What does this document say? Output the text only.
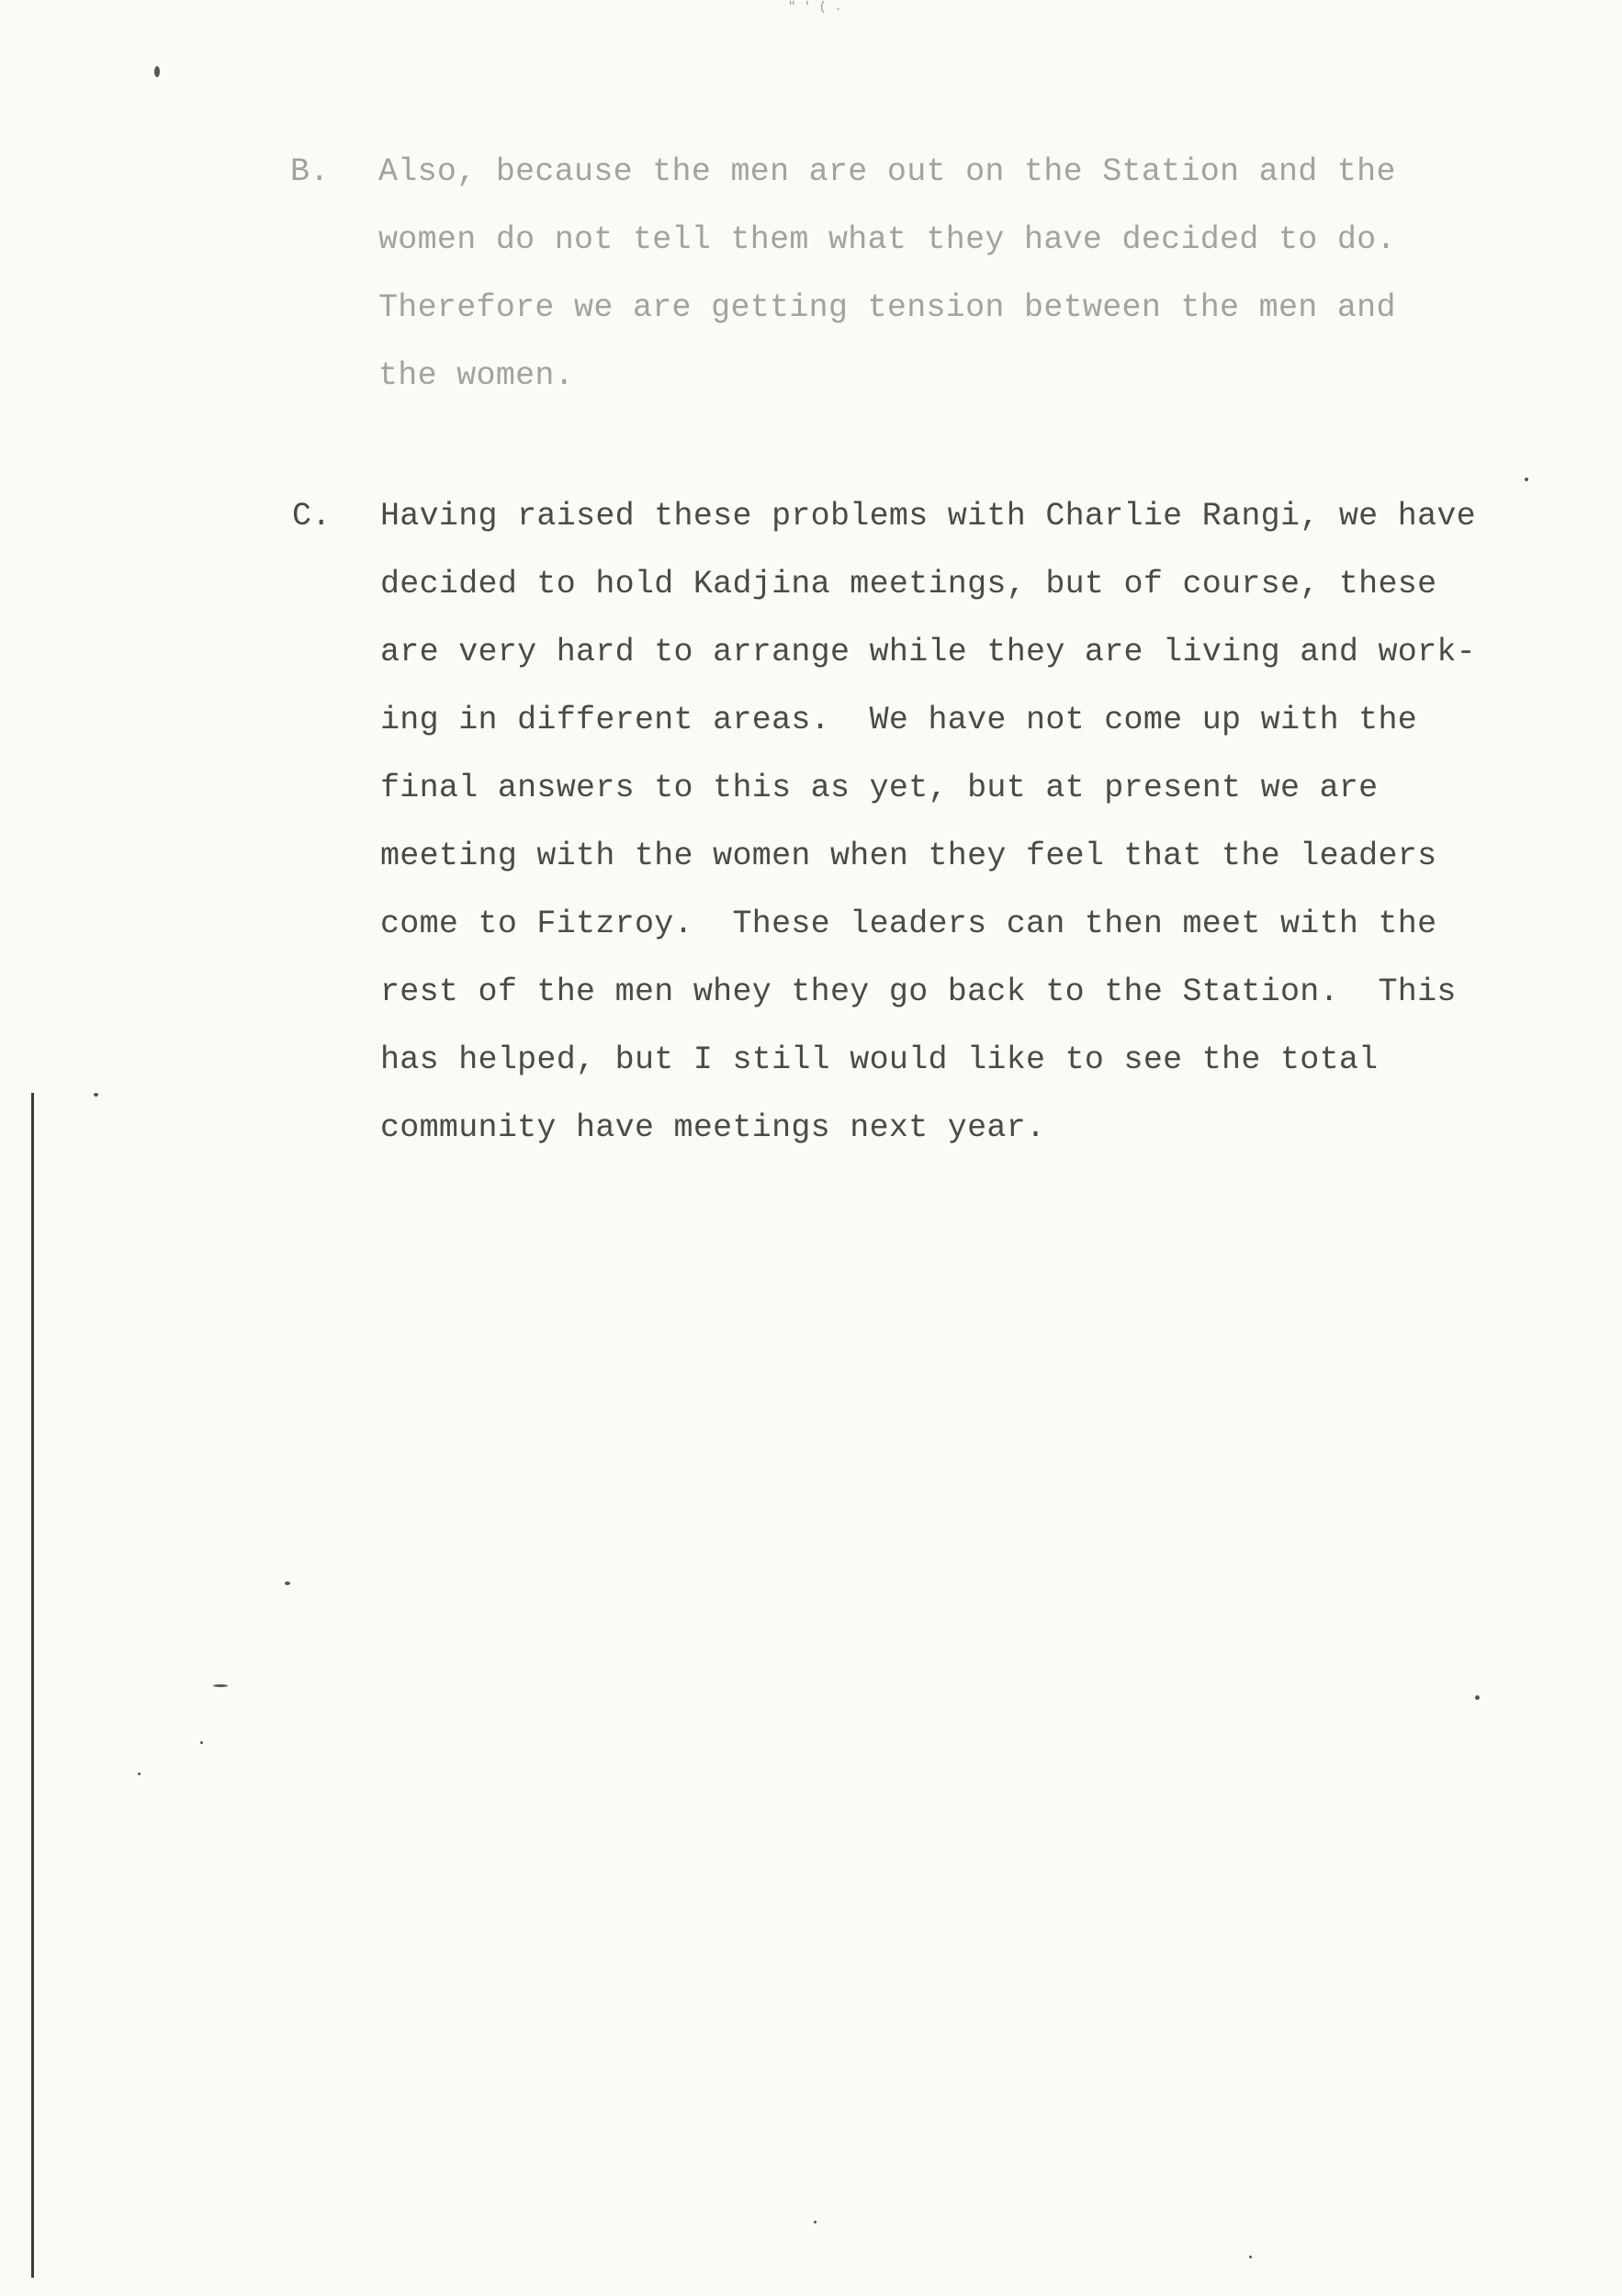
" ' ( .
B. Also, because the men are out on the Station and the
women do not tell them what they have decided to do.
Therefore we are getting tension between the men and
the women.
C. Having raised these problems with Charlie Rangi, we have
decided to hold Kadjina meetings, but of course, these
are very hard to arrange while they are living and work-
ing in different areas.  We have not come up with the
final answers to this as yet, but at present we are
meeting with the women when they feel that the leaders
come to Fitzroy.  These leaders can then meet with the
rest of the men whey they go back to the Station.  This
has helped, but I still would like to see the total
community have meetings next year.
